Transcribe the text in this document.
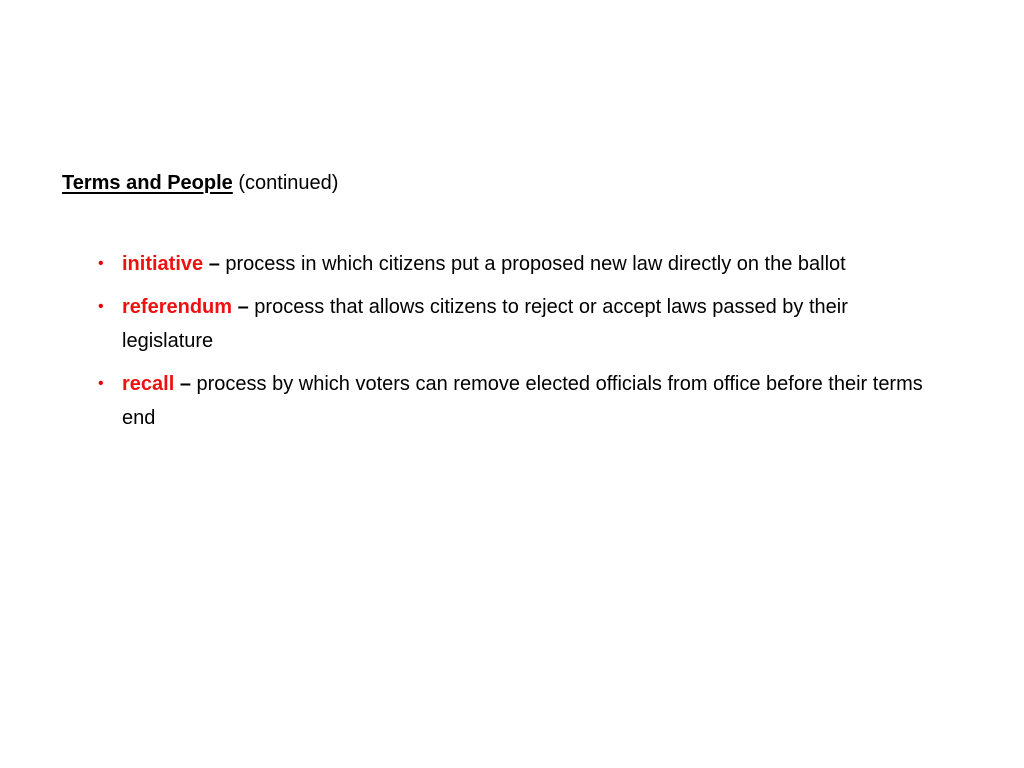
Terms and People (continued)
• initiative – process in which citizens put a proposed new law directly on the ballot
• referendum – process that allows citizens to reject or accept laws passed by their legislature
• recall – process by which voters can remove elected officials from office before their terms end
